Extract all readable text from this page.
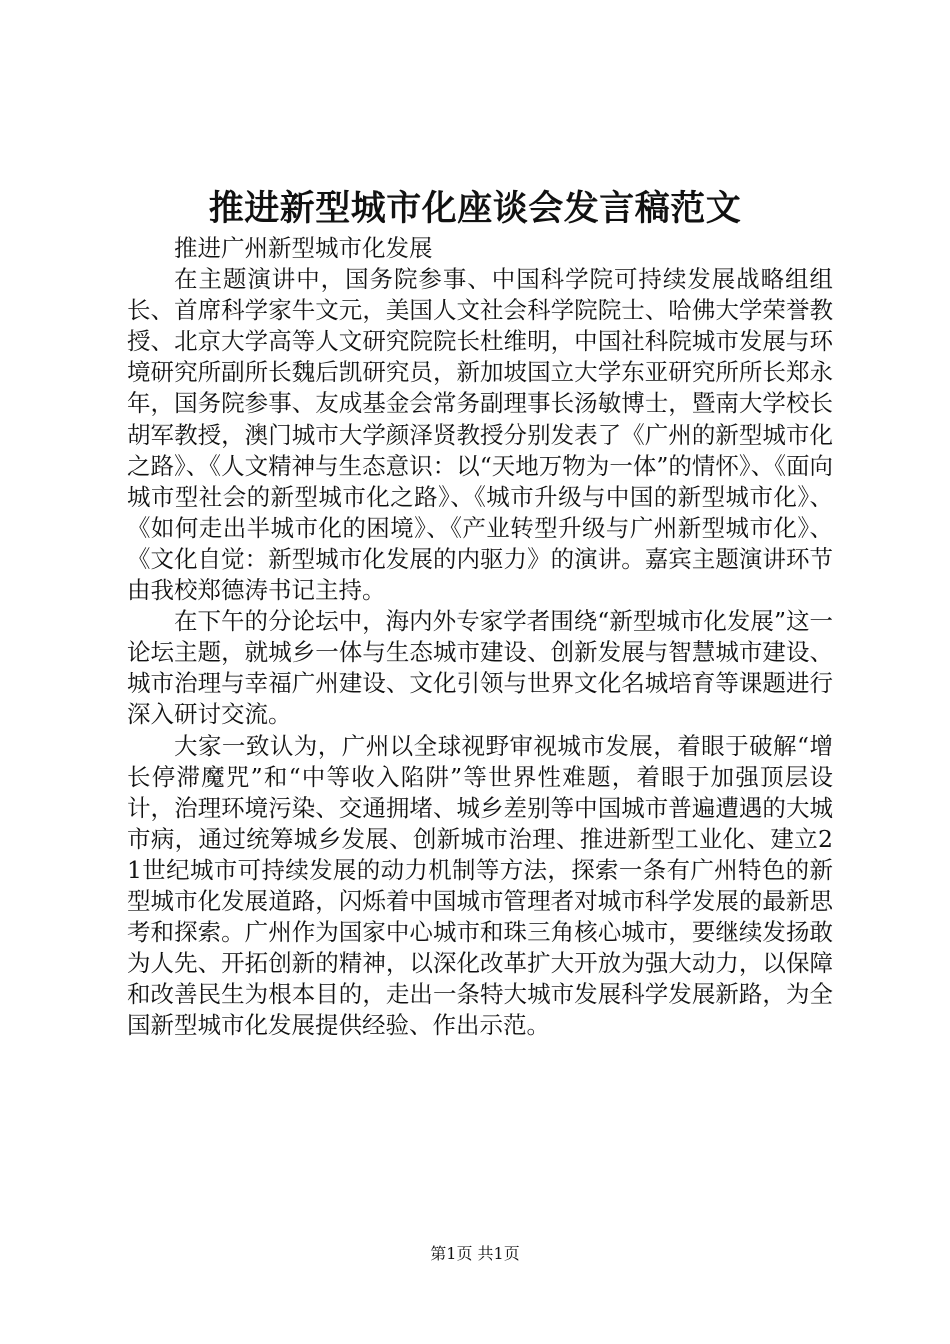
推进新型城市化座谈会发言稿范文

推进广州新型城市化发展

在主题演讲中，国务院参事、中国科学院可持续发展战略组组长、首席科学家牛文元，美国人文社会科学院院士、哈佛大学荣誉教授、北京大学高等人文研究院院长杜维明，中国社科院城市发展与环境研究所副所长魏后凯研究员，新加坡国立大学东亚研究所所长郑永年，国务院参事、友成基金会常务副理事长汤敏博士，暨南大学校长胡军教授，澳门城市大学颜泽贤教授分别发表了《广州的新型城市化之路》、《人文精神与生态意识：以“天地万物为一体”的情怀》、《面向城市型社会的新型城市化之路》、《城市升级与中国的新型城市化》、《如何走出半城市化的困境》、《产业转型升级与广州新型城市化》、《文化自觉：新型城市化发展的内驱力》的演讲。嘉宾主题演讲环节由我校郑德涛书记主持。

在下午的分论坛中，海内外专家学者围绕“新型城市化发展”这一论坛主题，就城乡一体与生态城市建设、创新发展与智慧城市建设、城市治理与幸福广州建设、文化引领与世界文化名城培育等课题进行深入研讨交流。

大家一致认为，广州以全球视野审视城市发展，着眼于破解“增长停滞魔咒”和“中等收入陷阱”等世界性难题，着眼于加强顶层设计，治理环境污染、交通拥堵、城乡差别等中国城市普遍遭遇的大城市病，通过统筹城乡发展、创新城市治理、推进新型工业化、建立21世纪城市可持续发展的动力机制等方法，探索一条有广州特色的新型城市化发展道路，闪烁着中国城市管理者对城市科学发展的最新思考和探索。广州作为国家中心城市和珠三角核心城市，要继续发扬敢为人先、开拓创新的精神，以深化改革扩大开放为强大动力，以保障和改善民生为根本目的，走出一条特大城市发展科学发展新路，为全国新型城市化发展提供经验、作出示范。

第1页 共1页
